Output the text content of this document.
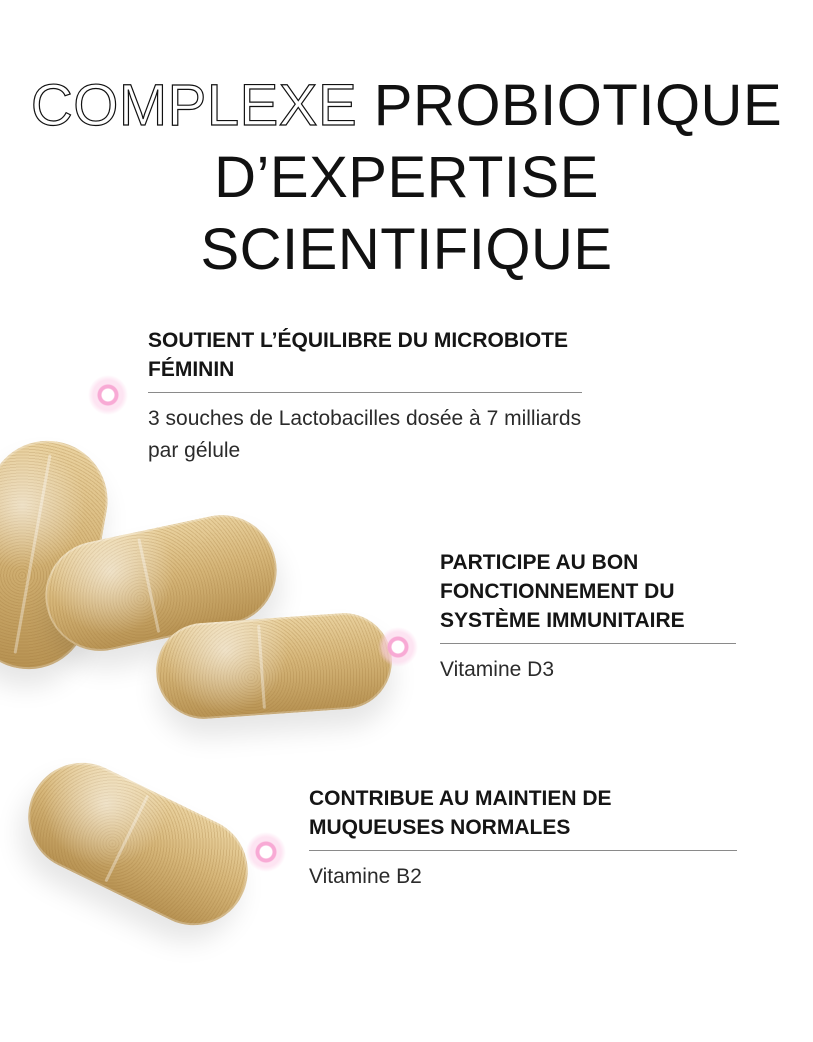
COMPLEXE PROBIOTIQUE
D’EXPERTISE SCIENTIFIQUE
SOUTIENT L’ÉQUILIBRE DU MICROBIOTE FÉMININ
3 souches de Lactobacilles dosée à 7 milliards par gélule
PARTICIPE AU BON FONCTIONNEMENT DU SYSTÈME IMMUNITAIRE
Vitamine D3
CONTRIBUE AU MAINTIEN DE MUQUEUSES NORMALES
Vitamine B2
